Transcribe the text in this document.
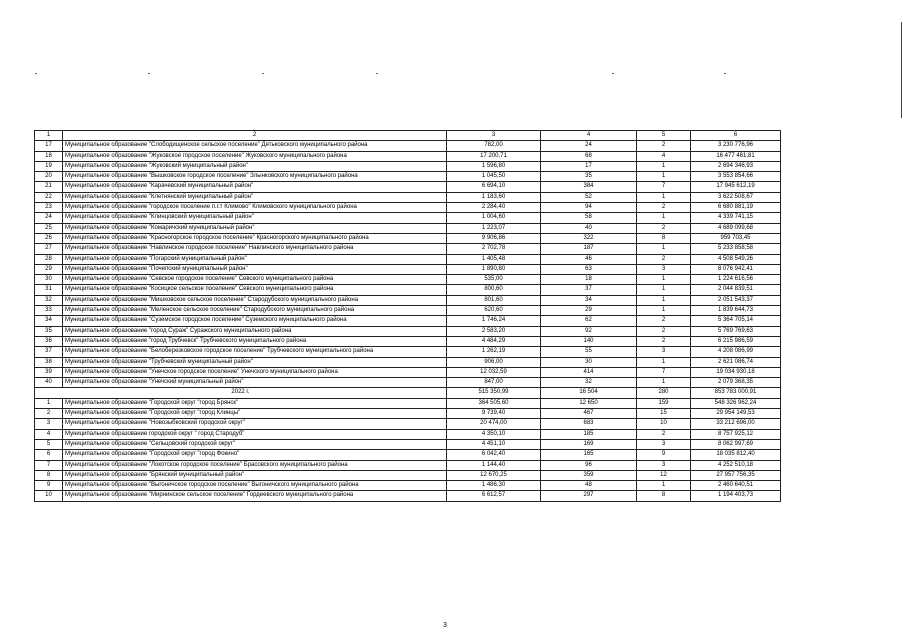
1	2	3	4	5	6
17	Муниципальное образование "Слободищенское сельское поселение" Дятьковского муниципального района	782,00	24	2	3 230 776,96
18	Муниципальное образование "Жуковское городское поселение" Жуковского муниципального района	17 200,71	68	4	16 477 461,81
19	Муниципальное образование "Жуковский муниципальный район"	1 596,80	17	1	2 694 346,93
20	Муниципальное образование "Вышковское городское поселение" Злынковского муниципального района	1 045,50	35	1	3 553 854,66
21	Муниципальное образование "Карачевский муниципальный район"	6 694,10	384	7	17 945 612,19
22	Муниципальное образование "Клетнянский муниципальный район"	1 183,60	52	1	3 622 508,67
23	Муниципальное образование "городское поселение п.г.т Климово" Климовского муниципального района	2 284,40	94	2	6 680 881,19
24	Муниципальное образование "Клинцовский муниципальный район"	1 004,60	58	1	4 339 741,15
25	Муниципальное образование "Комаричский муниципальный район"	1 223,07	40	2	4 689 099,68
26	Муниципальное образование "Красногорское городское поселение" Красногорского муниципального района	9 906,86	322	8	959 703,45
27	Муниципальное образование "Навлинское городское поселение" Навлинского муниципального района	2 702,78	187	1	5 233 858,58
28	Муниципальное образование "Погарский муниципальный район"	1 405,48	46	2	4 508 549,26
29	Муниципальное образование "Почепский муниципальный район"	1 890,80	63	3	8 076 942,41
30	Муниципальное образование "Севское городское поселение" Севского муниципального района	535,00	18	1	1 224 616,56
31	Муниципальное образование "Косицкое сельское поселение" Севского муниципального района	800,60	37	1	2 044 839,51
32	Муниципальное образование "Мишковское сельское поселение" Стародубского муниципального района	801,60	34	1	2 051 543,37
33	Муниципальное образование "Меленское сельское поселение" Стародубского муниципального района	620,60	29	1	1 839 644,73
34	Муниципальное образование "Суземское городское поселение" Суземского муниципального района	1 746,24	62	2	5 364 705,14
35	Муниципальное образование "город Сураж" Суражского муниципального района	2 583,20	92	2	5 769 769,63
36	Муниципальное образование "город Трубчевск" Трубчевского муниципального района	4 484,29	140	2	6 215 986,59
37	Муниципальное образование "Белоберезковское городское поселение" Трубчевского муниципального района	1 262,19	55	3	4 208 086,99
38	Муниципальное образование "Трубчевский муниципальный район"	906,00	30	1	2 621 086,74
39	Муниципальное образование "Унечское городское поселение" Унечского муниципального района	12 032,59	414	7	19 034 930,18
40	Муниципальное образование "Унечский муниципальный район"	847,00	32	1	2 079 368,35
2022 г.		515 350,99	16 504	280	853 783 000,91
1	Муниципальное образование "Городской округ "город Брянск"	364 505,60	12 650	159	548 326 962,24
2	Муниципальное образование "Городской округ "город Клинцы"	9 739,40	467	15	29 954 149,53
3	Муниципальное образование "Новозыбковский городской округ"	20 474,00	683	10	33 212 696,00
4	Муниципальное образование городской округ " город Стародуб"	4 350,10	185	2	8 757 925,12
5	Муниципальное образование "Сельцовский городской округ"	4 451,10	169	3	8 062 997,69
6	Муниципальное образование "Городской округ "город Фокино"	6 042,40	165	9	18 035 812,40
7	Муниципальное образование "Локотское городское поселение" Брасовского муниципального района	1 144,40	96	3	4 252 510,18
8	Муниципальное образование "Брянский муниципальный район"	12 670,25	359	12	27 957 756,35
9	Муниципальное образование "Выгоничское городское поселение" Выгоничского муниципального района	1 486,30	48	1	2 460 640,51
10	Муниципальное образование "Мирнинское сельское поселение" Гордеевского муниципального района	6 612,57	297	8	1 194 403,73
3
